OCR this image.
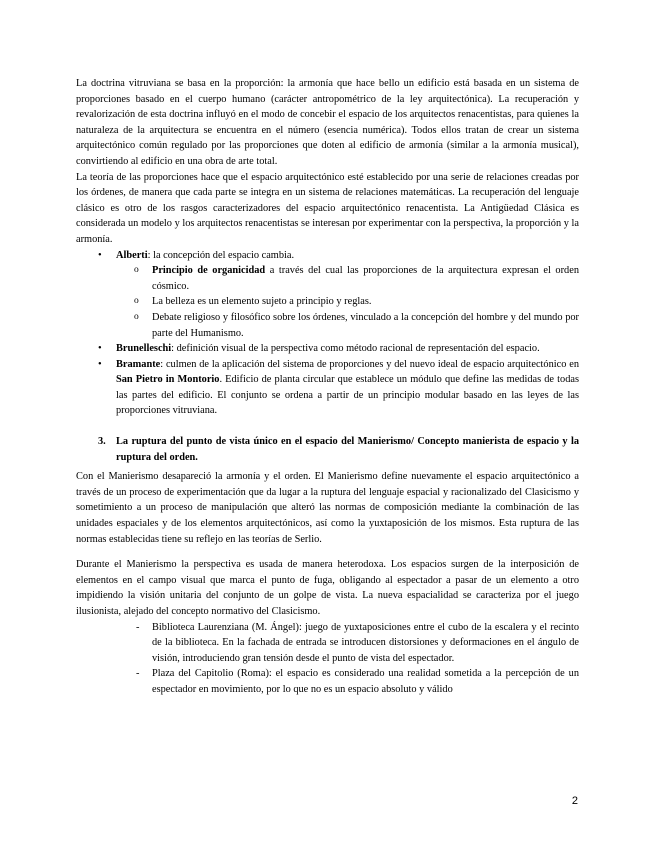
La doctrina vitruviana se basa en la proporción: la armonía que hace bello un edificio está basada en un sistema de proporciones basado en el cuerpo humano (carácter antropométrico de la ley arquitectónica). La recuperación y revalorización de esta doctrina influyó en el modo de concebir el espacio de los arquitectos renacentistas, para quienes la naturaleza de la arquitectura se encuentra en el número (esencia numérica). Todos ellos tratan de crear un sistema arquitectónico común regulado por las proporciones que doten al edificio de armonía (similar a la armonía musical), convirtiendo al edificio en una obra de arte total.

La teoría de las proporciones hace que el espacio arquitectónico esté establecido por una serie de relaciones creadas por los órdenes, de manera que cada parte se integra en un sistema de relaciones matemáticas. La recuperación del lenguaje clásico es otro de los rasgos caracterizadores del espacio arquitectónico renacentista. La Antigüedad Clásica es considerada un modelo y los arquitectos renacentistas se interesan por experimentar con la perspectiva, la proporción y la armonía.

• Alberti: la concepción del espacio cambia.
o Principio de organicidad a través del cual las proporciones de la arquitectura expresan el orden cósmico.
o La belleza es un elemento sujeto a principio y reglas.
o Debate religioso y filosófico sobre los órdenes, vinculado a la concepción del hombre y del mundo por parte del Humanismo.
• Brunelleschi: definición visual de la perspectiva como método racional de representación del espacio.
• Bramante: culmen de la aplicación del sistema de proporciones y del nuevo ideal de espacio arquitectónico en San Pietro in Montorio. Edificio de planta circular que establece un módulo que define las medidas de todas las partes del edificio. El conjunto se ordena a partir de un principio modular basado en las leyes de las proporciones vitruviana.
3. La ruptura del punto de vista único en el espacio del Manierismo/ Concepto manierista de espacio y la ruptura del orden.

Con el Manierismo desapareció la armonía y el orden. El Manierismo define nuevamente el espacio arquitectónico a través de un proceso de experimentación que da lugar a la ruptura del lenguaje espacial y racionalizado del Clasicismo y sometimiento a un proceso de manipulación que alteró las normas de composición mediante la combinación de las unidades espaciales y de los elementos arquitectónicos, así como la yuxtaposición de los mismos. Esta ruptura de las normas establecidas tiene su reflejo en las teorías de Serlio.

Durante el Manierismo la perspectiva es usada de manera heterodoxa. Los espacios surgen de la interposición de elementos en el campo visual que marca el punto de fuga, obligando al espectador a pasar de un elemento a otro impidiendo la visión unitaria del conjunto de un golpe de vista. La nueva espacialidad se caracteriza por el juego ilusionista, alejado del concepto normativo del Clasicismo.

- Biblioteca Laurenziana (M. Ángel): juego de yuxtaposiciones entre el cubo de la escalera y el recinto de la biblioteca. En la fachada de entrada se introducen distorsiones y deformaciones en el ángulo de visión, introduciendo gran tensión desde el punto de vista del espectador.
- Plaza del Capitolio (Roma): el espacio es considerado una realidad sometida a la percepción de un espectador en movimiento, por lo que no es un espacio absoluto y válido
2
